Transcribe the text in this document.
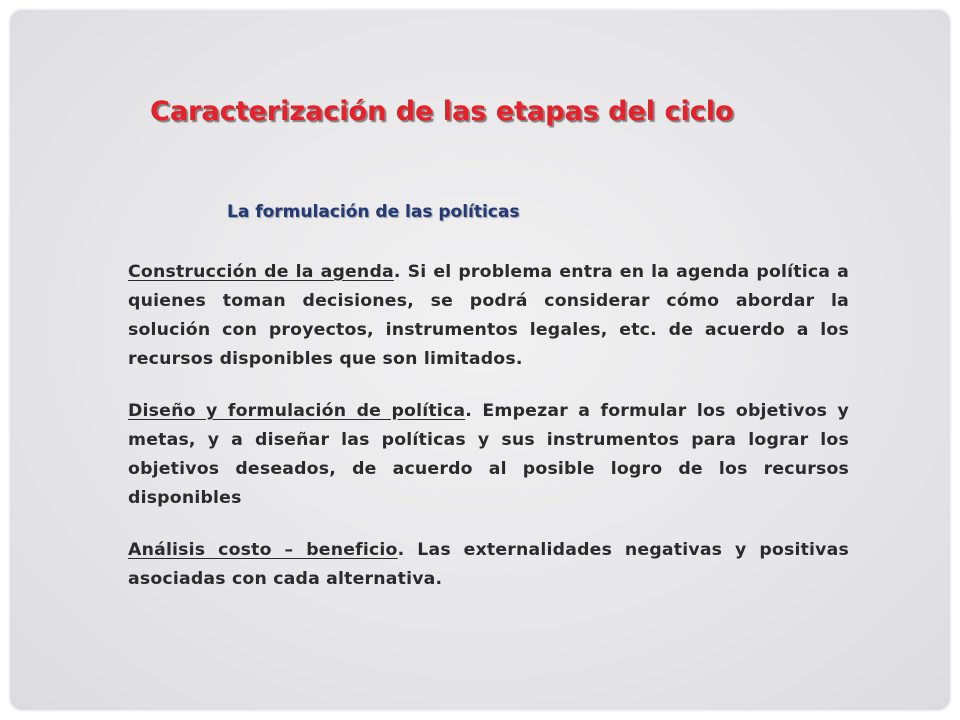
Caracterización de las etapas del ciclo
La formulación de las políticas

Construcción de la agenda. Si el problema entra en la agenda política a quienes toman decisiones, se podrá considerar cómo abordar la solución con proyectos, instrumentos legales, etc. de acuerdo a los recursos disponibles que son limitados.

Diseño y formulación de política. Empezar a formular los objetivos y metas, y a diseñar las políticas y sus instrumentos para lograr los objetivos deseados, de acuerdo al posible logro de los recursos disponibles

Análisis costo – beneficio. Las externalidades negativas y positivas asociadas con cada alternativa.
